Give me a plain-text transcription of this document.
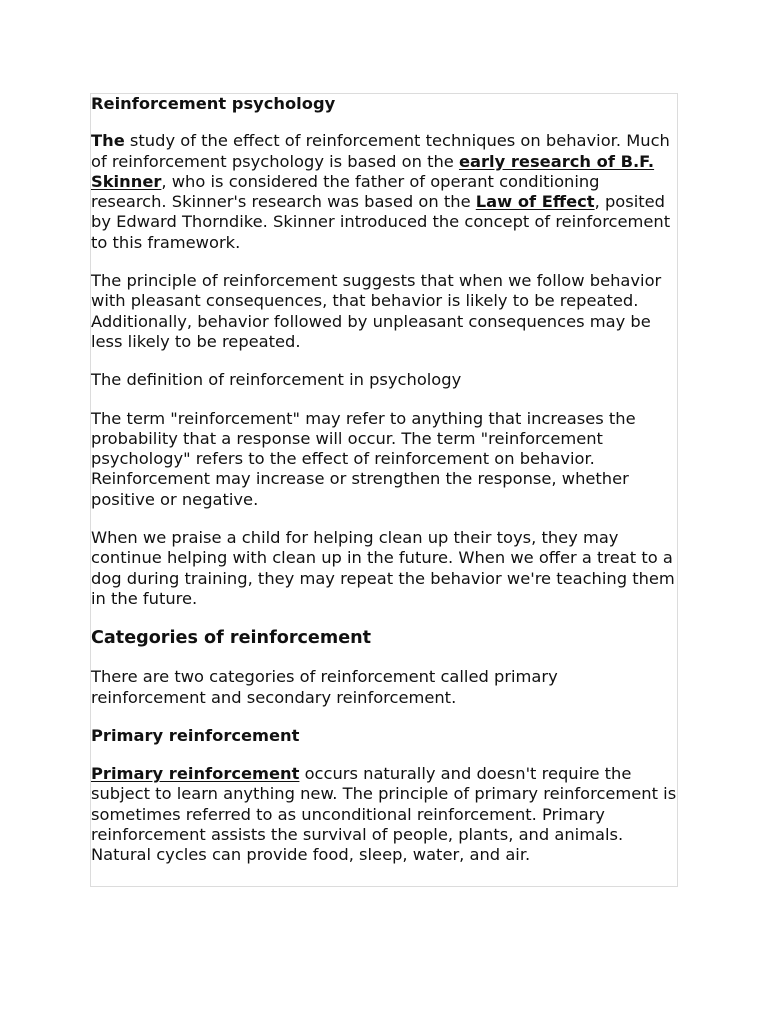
Reinforcement psychology

The study of the effect of reinforcement techniques on behavior. Much of reinforcement psychology is based on the early research of B.F. Skinner, who is considered the father of operant conditioning research. Skinner's research was based on the Law of Effect, posited by Edward Thorndike. Skinner introduced the concept of reinforcement to this framework.

The principle of reinforcement suggests that when we follow behavior with pleasant consequences, that behavior is likely to be repeated. Additionally, behavior followed by unpleasant consequences may be less likely to be repeated.

The definition of reinforcement in psychology

The term "reinforcement" may refer to anything that increases the probability that a response will occur. The term "reinforcement psychology" refers to the effect of reinforcement on behavior. Reinforcement may increase or strengthen the response, whether positive or negative.

When we praise a child for helping clean up their toys, they may continue helping with clean up in the future. When we offer a treat to a dog during training, they may repeat the behavior we're teaching them in the future.

Categories of reinforcement

There are two categories of reinforcement called primary reinforcement and secondary reinforcement.

Primary reinforcement

Primary reinforcement occurs naturally and doesn't require the subject to learn anything new. The principle of primary reinforcement is sometimes referred to as unconditional reinforcement. Primary reinforcement assists the survival of people, plants, and animals. Natural cycles can provide food, sleep, water, and air.
